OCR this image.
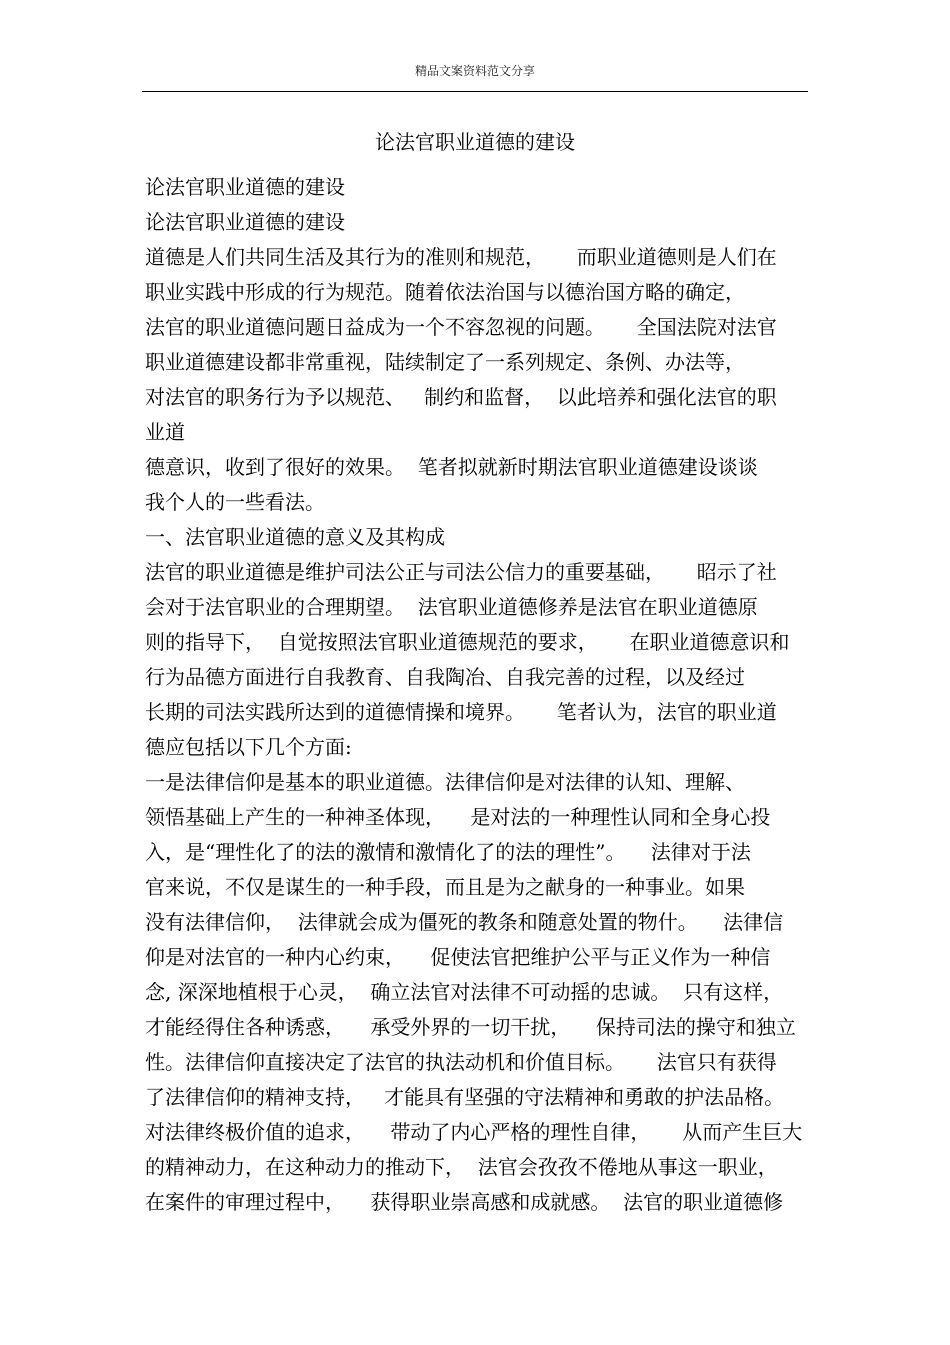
精品文案资料范文分享
论法官职业道德的建设
论法官职业道德的建设
论法官职业道德的建设
道德是人们共同生活及其行为的准则和规范，     而职业道德则是人们在
职业实践中形成的行为规范。随着依法治国与以德治国方略的确定，
法官的职业道德问题日益成为一个不容忽视的问题。     全国法院对法官
职业道德建设都非常重视，陆续制定了一系列规定、条例、办法等，
对法官的职务行为予以规范、   制约和监督，  以此培养和强化法官的职
业道
德意识，收到了很好的效果。  笔者拟就新时期法官职业道德建设谈谈
我个人的一些看法。
一、法官职业道德的意义及其构成
法官的职业道德是维护司法公正与司法公信力的重要基础，     昭示了社
会对于法官职业的合理期望。  法官职业道德修养是法官在职业道德原
则的指导下，  自觉按照法官职业道德规范的要求，     在职业道德意识和
行为品德方面进行自我教育、自我陶冶、自我完善的过程，以及经过
长期的司法实践所达到的道德情操和境界。     笔者认为，法官的职业道
德应包括以下几个方面:
一是法律信仰是基本的职业道德。法律信仰是对法律的认知、理解、
领悟基础上产生的一种神圣体现，    是对法的一种理性认同和全身心投
入，是“理性化了的法的激情和激情化了的法的理性”。    法律对于法
官来说，不仅是谋生的一种手段，而且是为之献身的一种事业。如果
没有法律信仰，  法律就会成为僵死的教条和随意处置的物什。    法律信
仰是对法官的一种内心约束，    促使法官把维护公平与正义作为一种信
念, 深深地植根于心灵，  确立法官对法律不可动摇的忠诚。  只有这样，
才能经得住各种诱惑，    承受外界的一切干扰，    保持司法的操守和独立
性。法律信仰直接决定了法官的执法动机和价值目标。     法官只有获得
了法律信仰的精神支持，   才能具有坚强的守法精神和勇敢的护法品格。
对法律终极价值的追求，    带动了内心严格的理性自律，     从而产生巨大
的精神动力，在这种动力的推动下，  法官会孜孜不倦地从事这一职业，
在案件的审理过程中，    获得职业崇高感和成就感。  法官的职业道德修
